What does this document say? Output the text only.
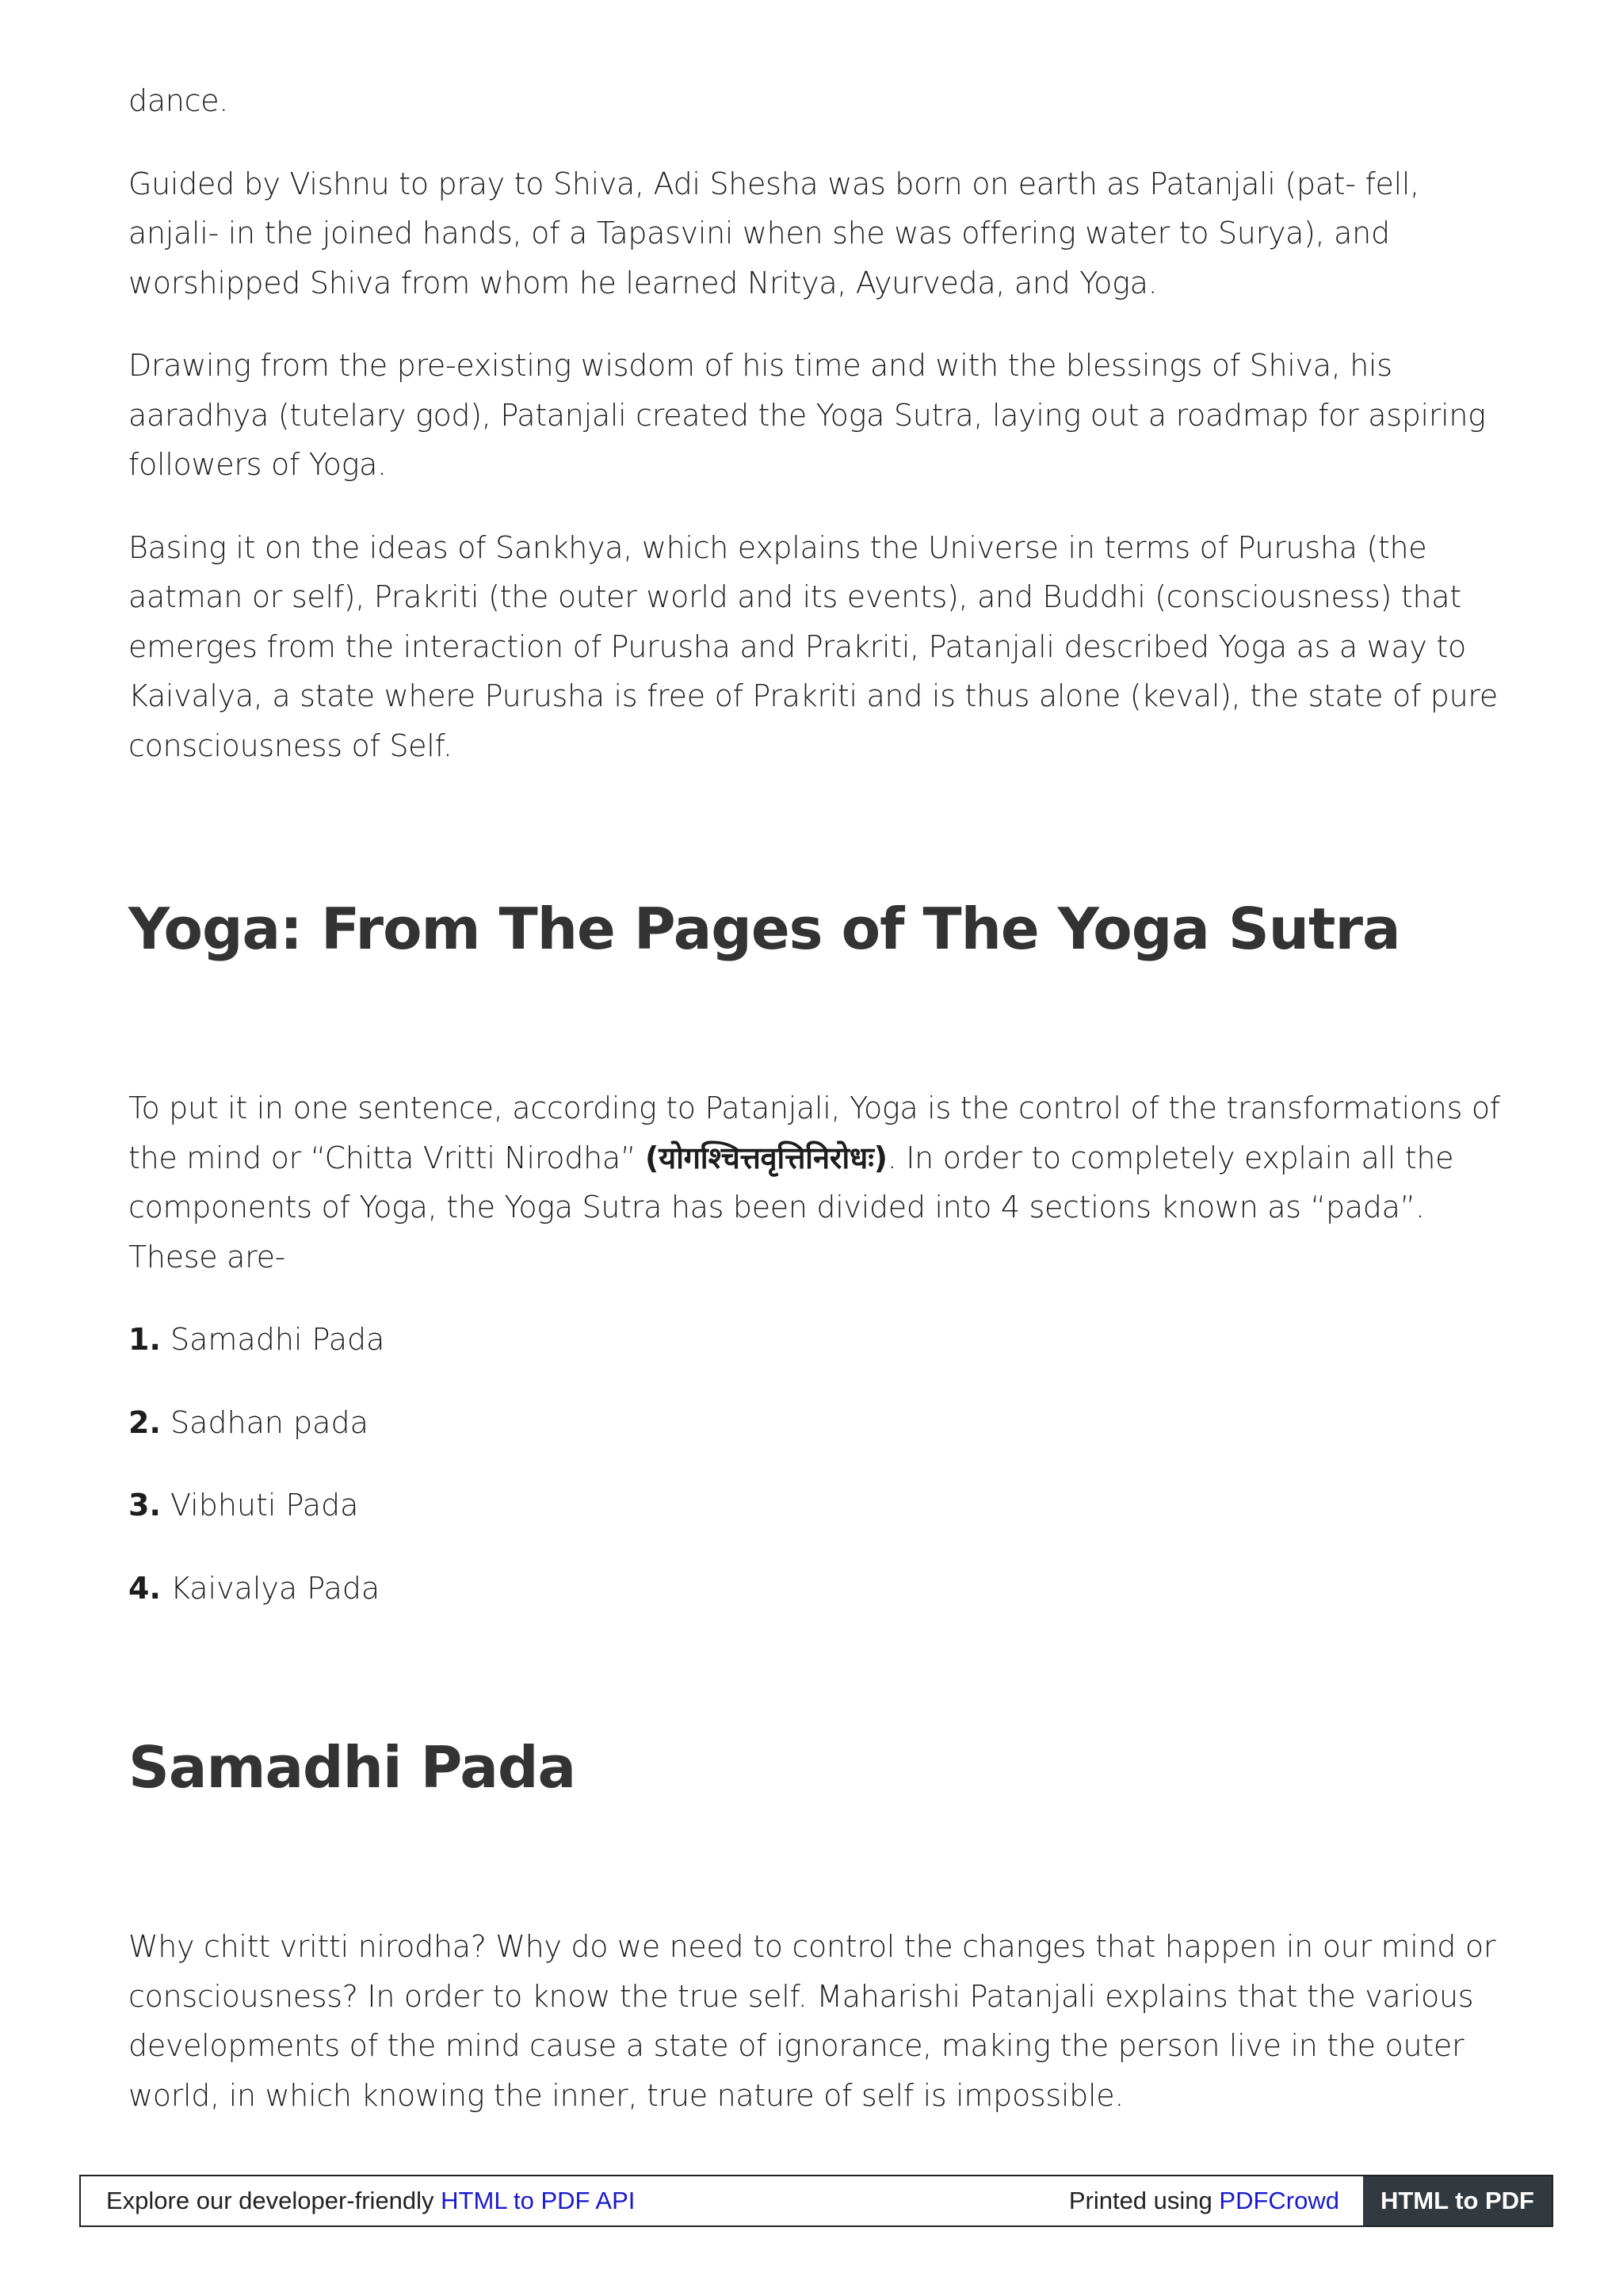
dance.

Guided by Vishnu to pray to Shiva, Adi Shesha was born on earth as Patanjali (pat- fell, anjali- in the joined hands, of a Tapasvini when she was offering water to Surya), and worshipped Shiva from whom he learned Nritya, Ayurveda, and Yoga.

Drawing from the pre-existing wisdom of his time and with the blessings of Shiva, his aaradhya (tutelary god), Patanjali created the Yoga Sutra, laying out a roadmap for aspiring followers of Yoga.

Basing it on the ideas of Sankhya, which explains the Universe in terms of Purusha (the aatman or self), Prakriti (the outer world and its events), and Buddhi (consciousness) that emerges from the interaction of Purusha and Prakriti, Patanjali described Yoga as a way to Kaivalya, a state where Purusha is free of Prakriti and is thus alone (keval), the state of pure consciousness of Self.

Yoga: From The Pages of The Yoga Sutra

To put it in one sentence, according to Patanjali, Yoga is the control of the transformations of the mind or “Chitta Vritti Nirodha” (योगश्चित्तवृत्तिनिरोधः). In order to completely explain all the components of Yoga, the Yoga Sutra has been divided into 4 sections known as “pada”. These are-

1. Samadhi Pada
2. Sadhan pada
3. Vibhuti Pada
4. Kaivalya Pada
Samadhi Pada

Why chitt vritti nirodha? Why do we need to control the changes that happen in our mind or consciousness? In order to know the true self. Maharishi Patanjali explains that the various developments of the mind cause a state of ignorance, making the person live in the outer world, in which knowing the inner, true nature of self is impossible.

Explore our developer-friendly HTML to PDF API	Printed using PDFCrowd	HTML to PDF
